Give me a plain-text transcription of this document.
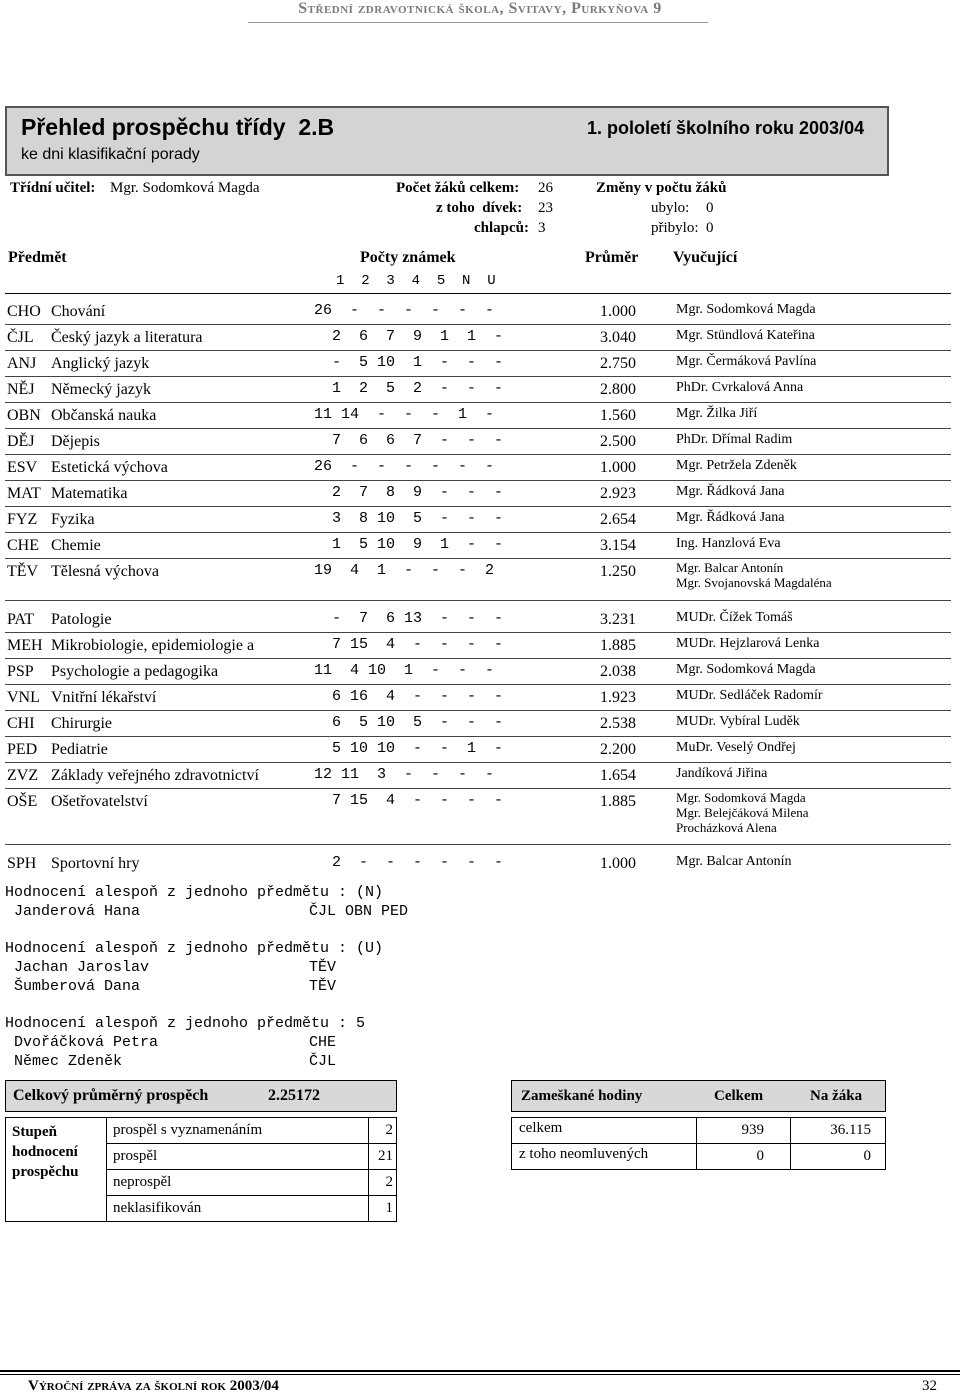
Střední zdravotnická škola, Svitavy, Purkyňova 9
Přehled prospěchu třídy  2.B	1. pololetí školního roku 2003/04
ke dni klasifikační porady
Třídní učitel: Mgr. Sodomková Magda	Počet žáků celkem: 26
z toho  dívek: 23
chlapců: 3
Změny v počtu žáků
ubylo: 0
přibylo: 0
Předmět	Počty známek
1  2  3  4  5  N  U
Průměr Vyučující
CHO Chování	26  -  -  -  -  -  -	1.000	Mgr. Sodomková Magda
ČJL Český jazyk a literatura	2  6  7  9  1  1  -	3.040	Mgr. Stündlová Kateřina
ANJ Anglický jazyk	-  5 10  1  -  -  -	2.750	Mgr. Čermáková Pavlína
NĚJ Německý jazyk	1  2  5  2  -  -  -	2.800	PhDr. Cvrkalová Anna
OBN Občanská nauka	11 14  -  -  -  1  -	1.560	Mgr. Žilka Jiří
DĚJ Dějepis	7  6  6  7  -  -  -	2.500	PhDr. Dřímal Radim
ESV Estetická výchova	26  -  -  -  -  -  -	1.000	Mgr. Petržela Zdeněk
MAT Matematika	2  7  8  9  -  -  -	2.923	Mgr. Řádková Jana
FYZ Fyzika	3  8 10  5  -  -  -	2.654	Mgr. Řádková Jana
CHE Chemie	1  5 10  9  1  -  -	3.154	Ing. Hanzlová Eva
TĚV Tělesná výchova	19  4  1  -  -  -  2	1.250	Mgr. Balcar Antonín
Mgr. Svojanovská Magdaléna
PAT Patologie	-  7  6 13  -  -  -	3.231	MUDr. Čížek Tomáš
MEH Mikrobiologie, epidemiologie a	7 15  4  -  -  -  -	1.885	MUDr. Hejzlarová Lenka
PSP Psychologie a pedagogika	11  4 10  1  -  -  -	2.038	Mgr. Sodomková Magda
VNL Vnitřní lékařství	6 16  4  -  -  -  -	1.923	MUDr. Sedláček Radomír
CHI Chirurgie	6  5 10  5  -  -  -	2.538	MUDr. Vybíral Luděk
PED Pediatrie	5 10 10  -  -  1  -	2.200	MuDr. Veselý Ondřej
ZVZ Základy veřejného zdravotnictví	12 11  3  -  -  -  -	1.654	Jandíková Jiřina
OŠE Ošetřovatelství	7 15  4  -  -  -  -	1.885	Mgr. Sodomková Magda
Mgr. Belejčáková Milena
Procházková Alena
SPH Sportovní hry	2  -  -  -  -  -  -	1.000	Mgr. Balcar Antonín
Hodnocení alespoň z jednoho předmětu : (N)
Janderová Hana	ČJL OBN PED
Hodnocení alespoň z jednoho předmětu : (U)
Jachan Jaroslav	TĚV
Šumberová Dana	TĚV
Hodnocení alespoň z jednoho předmětu : 5
Dvořáčková Petra	CHE
Němec Zdeněk	ČJL
Celkový průměrný prospěch	2.25172
Stupeň hodnocení prospěchu
prospěl s vyznamenáním	2
prospěl	21
neprospěl	2
neklasifikován	1
Zameškané hodiny	Celkem	Na žáka
celkem	939	36.115
z toho neomluvených	0	0
Výroční zpráva za školní rok 2003/04	32
